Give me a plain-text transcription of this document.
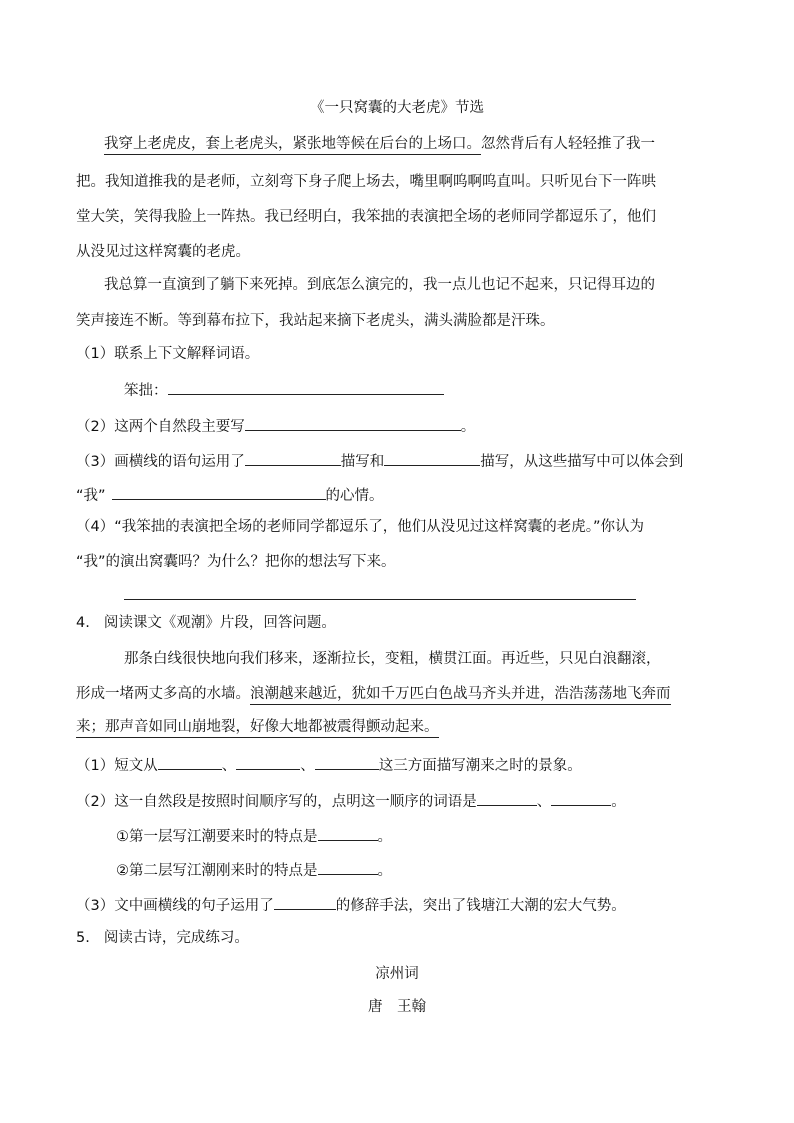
《一只窝囊的大老虎》节选
我穿上老虎皮，套上老虎头，紧张地等候在后台的上场口。忽然背后有人轻轻推了我一
把。我知道推我的是老师，立刻弯下身子爬上场去，嘴里啊呜啊呜直叫。只听见台下一阵哄
堂大笑，笑得我脸上一阵热。我已经明白，我笨拙的表演把全场的老师同学都逗乐了，他们
从没见过这样窝囊的老虎。
我总算一直演到了躺下来死掉。到底怎么演完的，我一点儿也记不起来，只记得耳边的
笑声接连不断。等到幕布拉下，我站起来摘下老虎头，满头满脸都是汗珠。
（1）联系上下文解释词语。
笨拙：
（2）这两个自然段主要写	。
（3）画横线的语句运用了	描写和	描写，从这些描写中可以体会到
“我”	的心情。
（4）“我笨拙的表演把全场的老师同学都逗乐了，他们从没见过这样窝囊的老虎。”你认为
“我”的演出窝囊吗？为什么？把你的想法写下来。
4. 阅读课文《观潮》片段，回答问题。
那条白线很快地向我们移来，逐渐拉长，变粗，横贯江面。再近些，只见白浪翻滚，
形成一堵两丈多高的水墙。浪潮越来越近，犹如千万匹白色战马齐头并进，浩浩荡荡地飞奔而
来；那声音如同山崩地裂，好像大地都被震得颤动起来。
（1）短文从	、	、	这三方面描写潮来之时的景象。
（2）这一自然段是按照时间顺序写的，点明这一顺序的词语是	、	。
①第一层写江潮要来时的特点是	。
②第二层写江潮刚来时的特点是	。
（3）文中画横线的句子运用了	的修辞手法，突出了钱塘江大潮的宏大气势。
5. 阅读古诗，完成练习。
凉州词
唐　王翰
